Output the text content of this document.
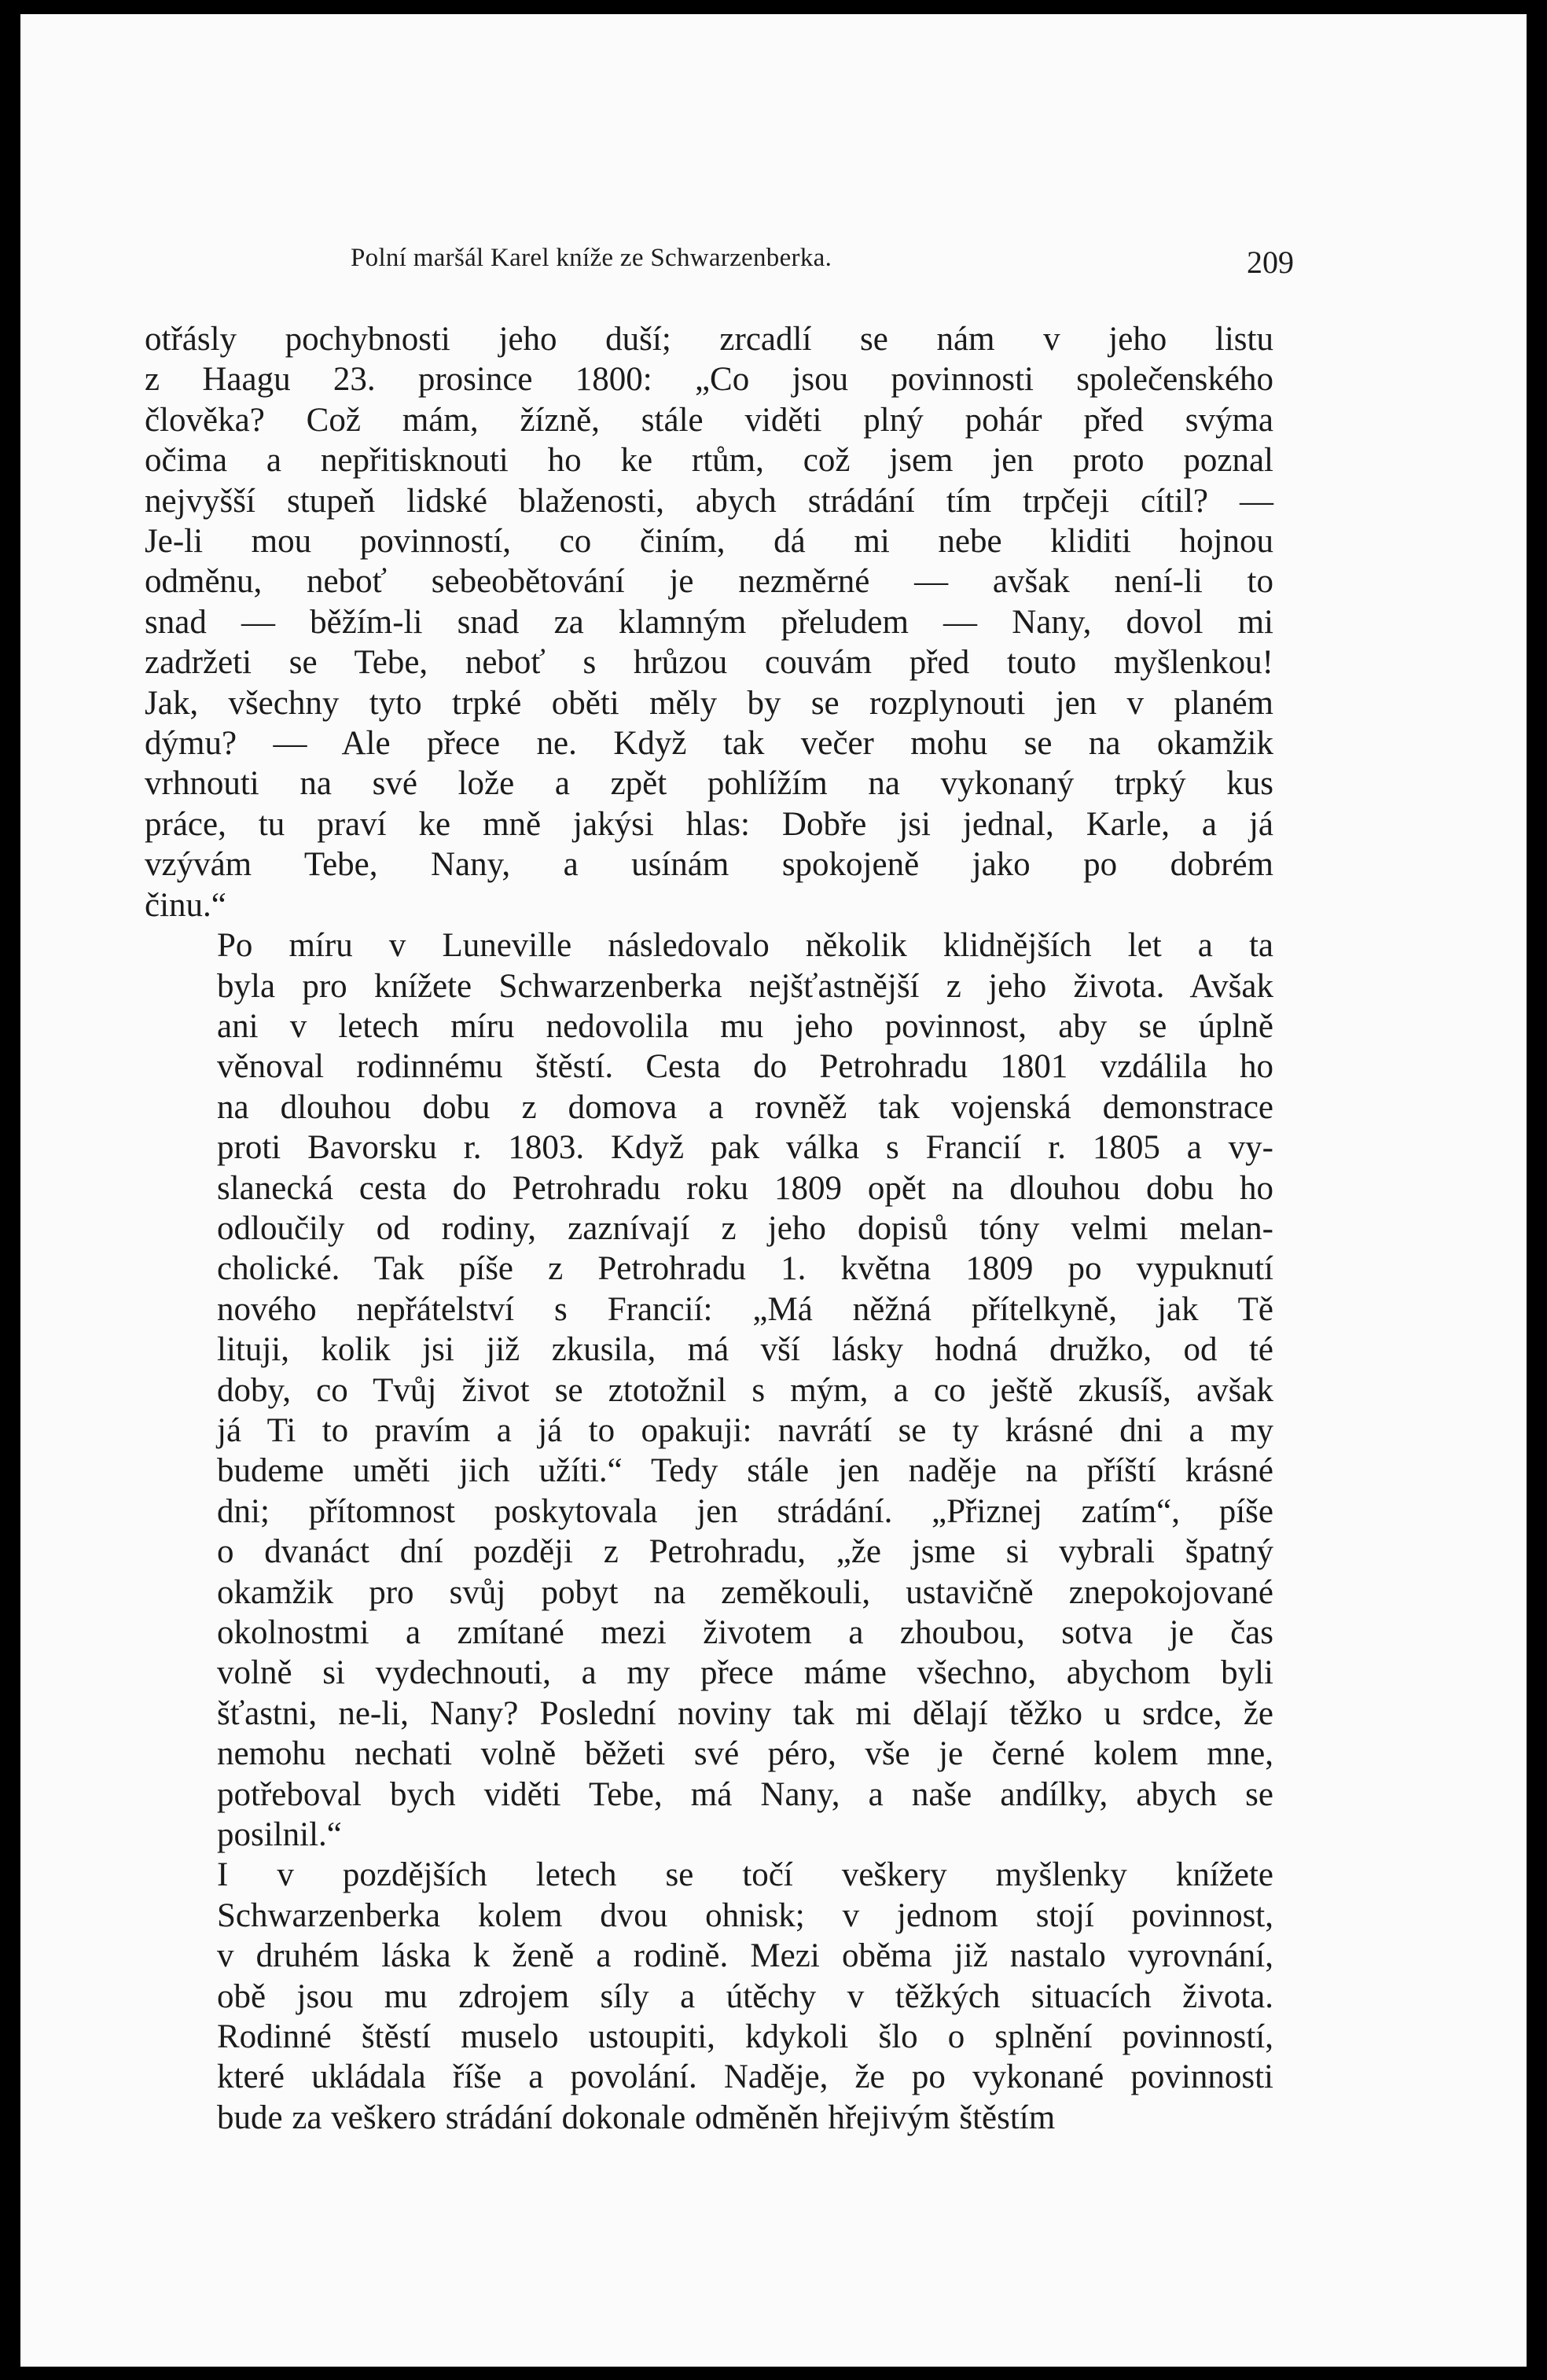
Polní maršál Karel kníže ze Schwarzenberka.	209

otřásly pochybnosti jeho duší; zrcadlí se nám v jeho listu
z Haagu 23. prosince 1800: „Co jsou povinnosti společenského
člověka? Což mám, žízně, stále viděti plný pohár před svýma
očima a nepřitisknouti ho ke rtům, což jsem jen proto poznal
nejvyšší stupeň lidské blaženosti, abych strádání tím trpčeji cítil? —
Je-li mou povinností, co činím, dá mi nebe kliditi hojnou
odměnu, neboť sebeobětování je nezměrné — avšak není-li to
snad — běžím-li snad za klamným přeludem — Nany, dovol mi
zadržeti se Tebe, neboť s hrůzou couvám před touto myšlenkou!
Jak, všechny tyto trpké oběti měly by se rozplynouti jen v planém
dýmu? — Ale přece ne. Když tak večer mohu se na okamžik
vrhnouti na své lože a zpět pohlížím na vykonaný trpký kus
práce, tu praví ke mně jakýsi hlas: Dobře jsi jednal, Karle, a já
vzývám Tebe, Nany, a usínám spokojeně jako po dobrém
činu.“

Po míru v Luneville následovalo několik klidnějších let a ta
byla pro knížete Schwarzenberka nejšťastnější z jeho života. Avšak
ani v letech míru nedovolila mu jeho povinnost, aby se úplně
věnoval rodinnému štěstí. Cesta do Petrohradu 1801 vzdálila ho
na dlouhou dobu z domova a rovněž tak vojenská demonstrace
proti Bavorsku r. 1803. Když pak válka s Francií r. 1805 a vy-
slanecká cesta do Petrohradu roku 1809 opět na dlouhou dobu ho
odloučily od rodiny, zaznívají z jeho dopisů tóny velmi melan-
cholické. Tak píše z Petrohradu 1. května 1809 po vypuknutí
nového nepřátelství s Francií: „Má něžná přítelkyně, jak Tě
lituji, kolik jsi již zkusila, má vší lásky hodná družko, od té
doby, co Tvůj život se ztotožnil s mým, a co ještě zkusíš, avšak
já Ti to pravím a já to opakuji: navrátí se ty krásné dni a my
budeme uměti jich užíti.“ Tedy stále jen naděje na příští krásné
dni; přítomnost poskytovala jen strádání. „Přiznej zatím“, píše
o dvanáct dní později z Petrohradu, „že jsme si vybrali špatný
okamžik pro svůj pobyt na zeměkouli, ustavičně znepokojované
okolnostmi a zmítané mezi životem a zhoubou, sotva je čas
volně si vydechnouti, a my přece máme všechno, abychom byli
šťastni, ne-li, Nany? Poslední noviny tak mi dělají těžko u srdce, že
nemohu nechati volně běžeti své péro, vše je černé kolem mne,
potřeboval bych viděti Tebe, má Nany, a naše andílky, abych se
posilnil.“

I v pozdějších letech se točí veškery myšlenky knížete
Schwarzenberka kolem dvou ohnisk; v jednom stojí povinnost,
v druhém láska k ženě a rodině. Mezi oběma již nastalo vyrovnání,
obě jsou mu zdrojem síly a útěchy v těžkých situacích života.
Rodinné štěstí muselo ustoupiti, kdykoli šlo o splnění povinností,
které ukládala říše a povolání. Naděje, že po vykonané povinnosti
bude za veškero strádání dokonale odměněn hřejivým štěstím
